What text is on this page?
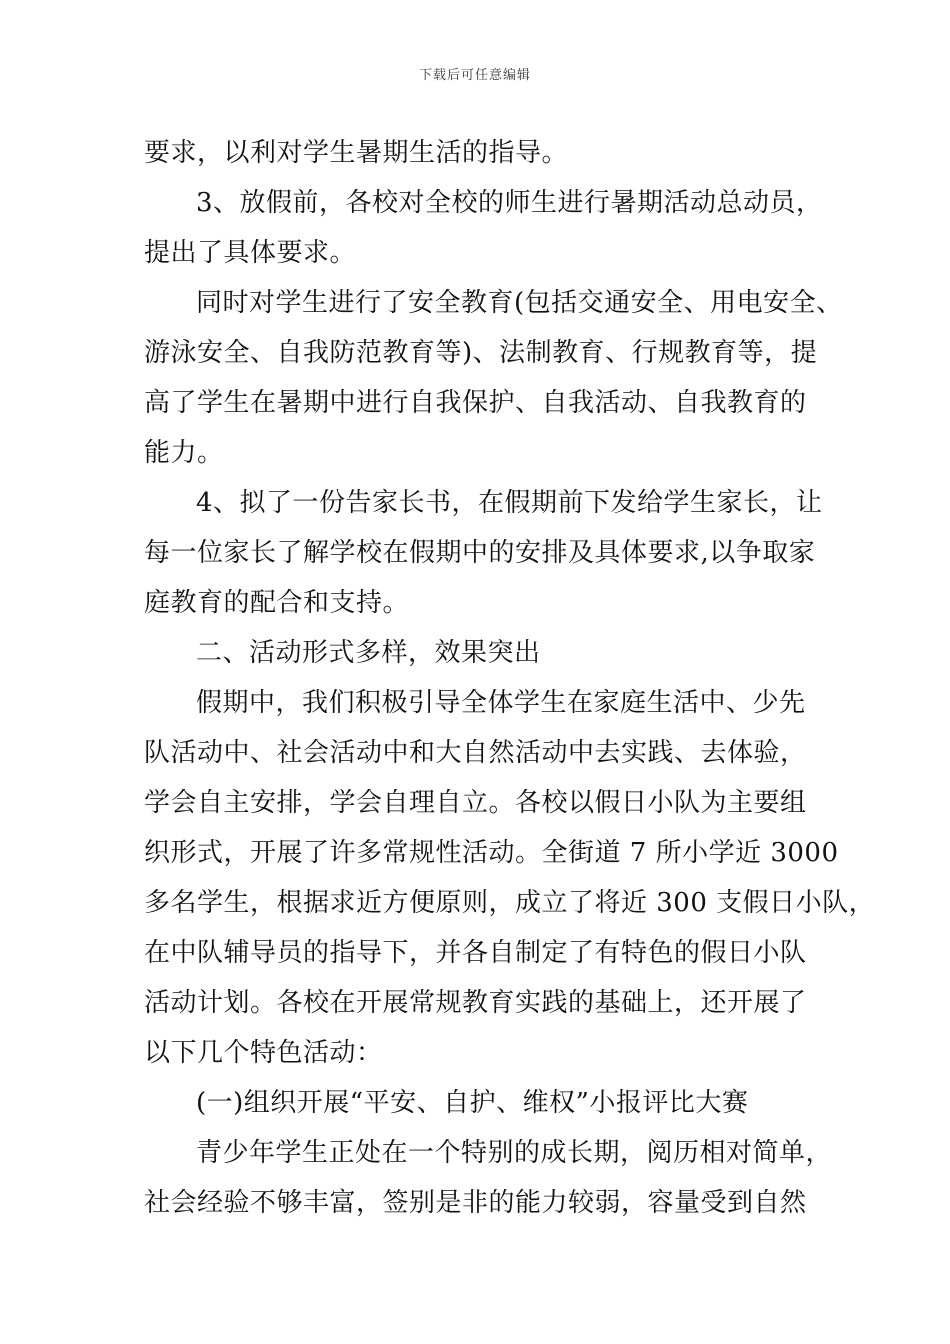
下载后可任意编辑
要求，以利对学生暑期生活的指导。
3、放假前，各校对全校的师生进行暑期活动总动员，
提出了具体要求。
同时对学生进行了安全教育(包括交通安全、用电安全、
游泳安全、自我防范教育等)、法制教育、行规教育等，提
高了学生在暑期中进行自我保护、自我活动、自我教育的
能力。
4、拟了一份告家长书，在假期前下发给学生家长，让
每一位家长了解学校在假期中的安排及具体要求,以争取家
庭教育的配合和支持。
二、活动形式多样，效果突出
假期中，我们积极引导全体学生在家庭生活中、少先
队活动中、社会活动中和大自然活动中去实践、去体验，
学会自主安排，学会自理自立。各校以假日小队为主要组
织形式，开展了许多常规性活动。全街道 7 所小学近 3000
多名学生，根据求近方便原则，成立了将近 300 支假日小队，
在中队辅导员的指导下，并各自制定了有特色的假日小队
活动计划。各校在开展常规教育实践的基础上，还开展了
以下几个特色活动：
(一)组织开展“平安、自护、维权”小报评比大赛
青少年学生正处在一个特别的成长期，阅历相对简单，
社会经验不够丰富，签别是非的能力较弱，容量受到自然
